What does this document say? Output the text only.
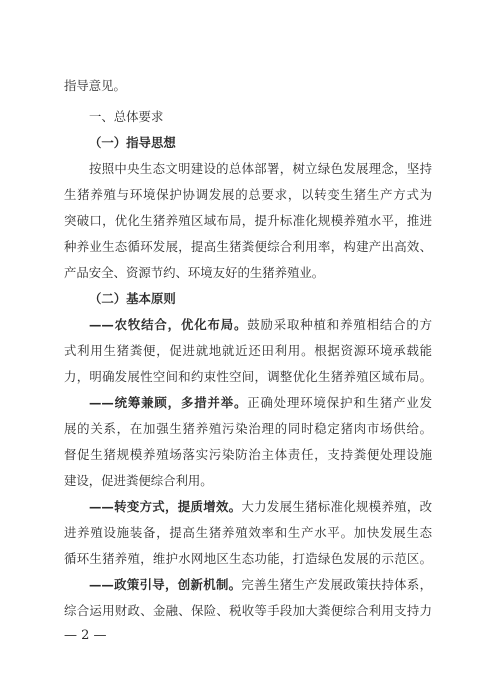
指导意见。
一、总体要求
（一）指导思想
按照中央生态文明建设的总体部署，树立绿色发展理念，坚持
生猪养殖与环境保护协调发展的总要求，以转变生猪生产方式为
突破口，优化生猪养殖区域布局，提升标准化规模养殖水平，推进
种养业生态循环发展，提高生猪粪便综合利用率，构建产出高效、
产品安全、资源节约、环境友好的生猪养殖业。
（二）基本原则
——农牧结合，优化布局。鼓励采取种植和养殖相结合的方
式利用生猪粪便，促进就地就近还田利用。根据资源环境承载能
力，明确发展性空间和约束性空间，调整优化生猪养殖区域布局。
——统筹兼顾，多措并举。正确处理环境保护和生猪产业发
展的关系，在加强生猪养殖污染治理的同时稳定猪肉市场供给。
督促生猪规模养殖场落实污染防治主体责任，支持粪便处理设施
建设，促进粪便综合利用。
——转变方式，提质增效。大力发展生猪标准化规模养殖，改
进养殖设施装备，提高生猪养殖效率和生产水平。加快发展生态
循环生猪养殖，维护水网地区生态功能，打造绿色发展的示范区。
——政策引导，创新机制。完善生猪生产发展政策扶持体系，
综合运用财政、金融、保险、税收等手段加大粪便综合利用支持力
— 2 —
